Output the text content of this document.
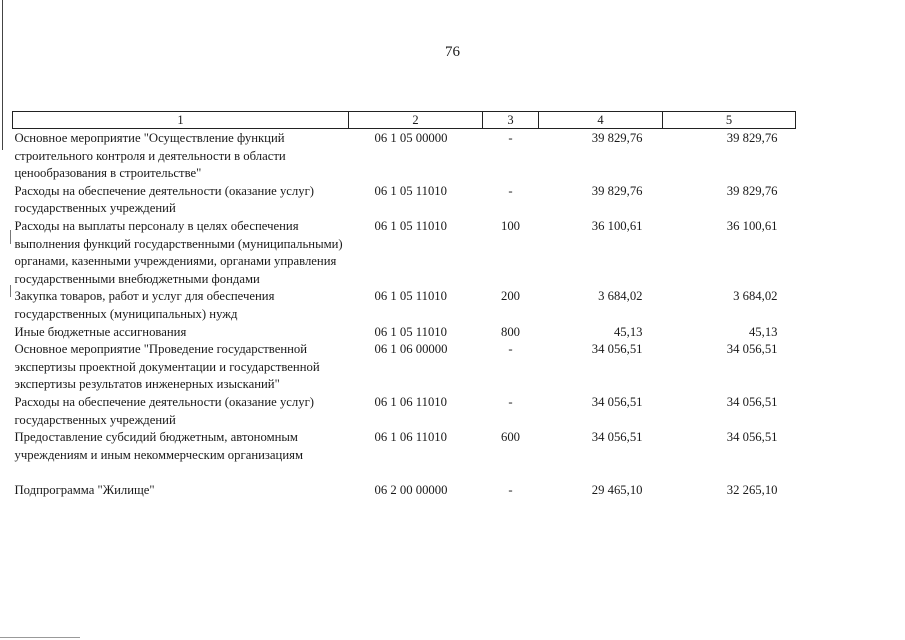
76
1	2	3	4	5
Основное мероприятие "Осуществление функций строительного контроля и деятельности в области ценообразования в строительстве"	06 1 05 00000	-	39 829,76	39 829,76
Расходы на обеспечение деятельности (оказание услуг) государственных учреждений	06 1 05 11010	-	39 829,76	39 829,76
Расходы на выплаты персоналу в целях обеспечения выполнения функций государственными (муниципальными) органами, казенными учреждениями, органами управления государственными внебюджетными фондами	06 1 05 11010	100	36 100,61	36 100,61
Закупка товаров, работ и услуг для обеспечения государственных (муниципальных) нужд	06 1 05 11010	200	3 684,02	3 684,02
Иные бюджетные ассигнования	06 1 05 11010	800	45,13	45,13
Основное мероприятие "Проведение государственной экспертизы проектной документации и государственной экспертизы результатов инженерных изысканий"	06 1 06 00000	-	34 056,51	34 056,51
Расходы на обеспечение деятельности (оказание услуг) государственных учреждений	06 1 06 11010	-	34 056,51	34 056,51
Предоставление субсидий бюджетным, автономным учреждениям и иным некоммерческим организациям	06 1 06 11010	600	34 056,51	34 056,51

Подпрограмма "Жилище"	06 2 00 00000	-	29 465,10	32 265,10
